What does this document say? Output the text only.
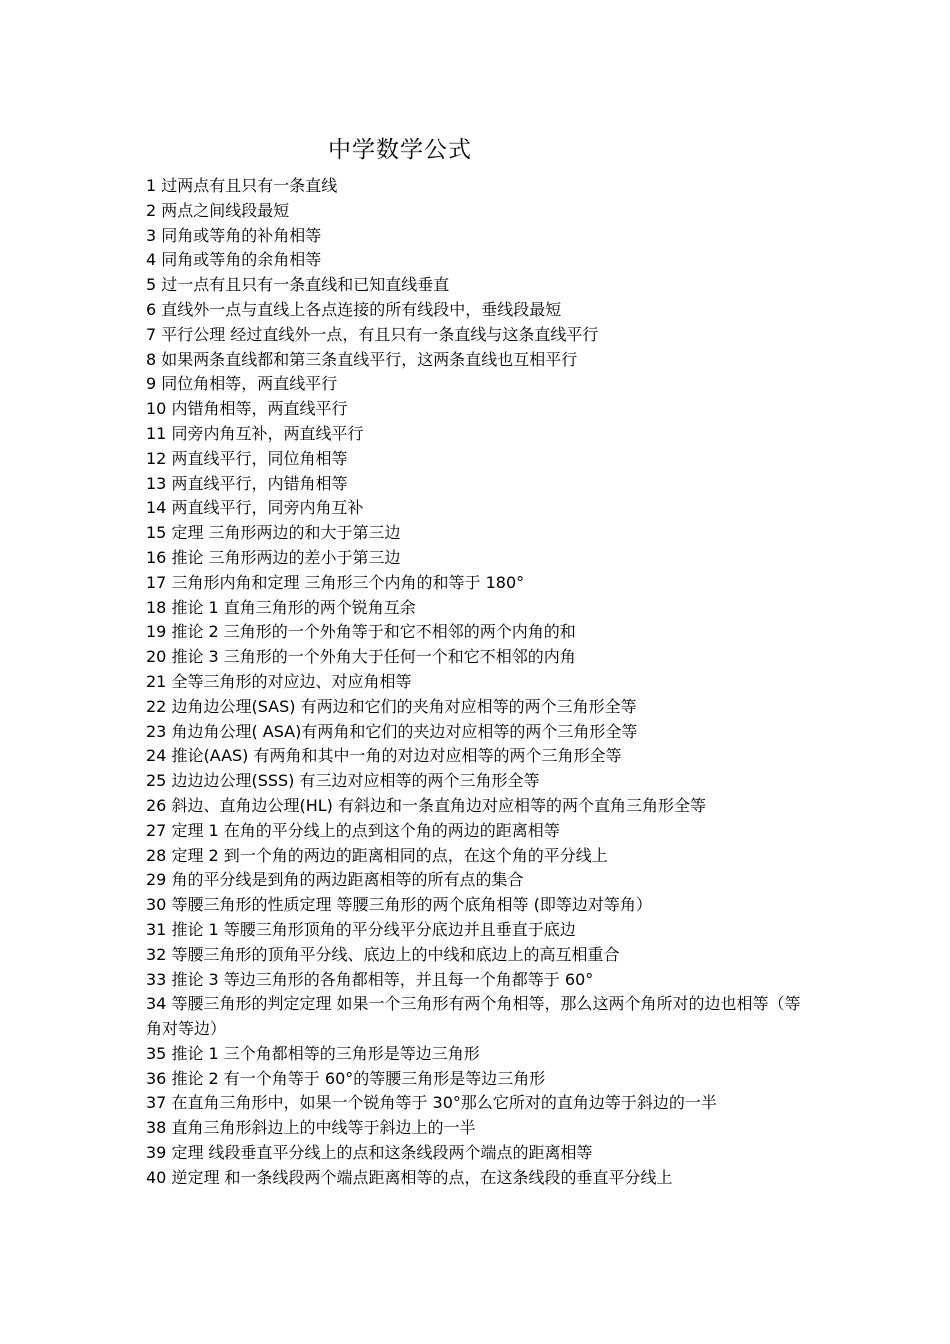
中学数学公式
1 过两点有且只有一条直线
2 两点之间线段最短
3 同角或等角的补角相等
4 同角或等角的余角相等
5 过一点有且只有一条直线和已知直线垂直
6 直线外一点与直线上各点连接的所有线段中，垂线段最短
7 平行公理 经过直线外一点，有且只有一条直线与这条直线平行
8 如果两条直线都和第三条直线平行，这两条直线也互相平行
9 同位角相等，两直线平行
10 内错角相等，两直线平行
11 同旁内角互补，两直线平行
12 两直线平行，同位角相等
13 两直线平行，内错角相等
14 两直线平行，同旁内角互补
15 定理 三角形两边的和大于第三边
16 推论 三角形两边的差小于第三边
17 三角形内角和定理 三角形三个内角的和等于 180°
18 推论 1 直角三角形的两个锐角互余
19 推论 2 三角形的一个外角等于和它不相邻的两个内角的和
20 推论 3 三角形的一个外角大于任何一个和它不相邻的内角
21 全等三角形的对应边、对应角相等
22 边角边公理(SAS) 有两边和它们的夹角对应相等的两个三角形全等
23 角边角公理( ASA)有两角和它们的夹边对应相等的两个三角形全等
24 推论(AAS) 有两角和其中一角的对边对应相等的两个三角形全等
25 边边边公理(SSS) 有三边对应相等的两个三角形全等
26 斜边、直角边公理(HL) 有斜边和一条直角边对应相等的两个直角三角形全等
27 定理 1 在角的平分线上的点到这个角的两边的距离相等
28 定理 2 到一个角的两边的距离相同的点，在这个角的平分线上
29 角的平分线是到角的两边距离相等的所有点的集合
30 等腰三角形的性质定理 等腰三角形的两个底角相等 (即等边对等角）
31 推论 1 等腰三角形顶角的平分线平分底边并且垂直于底边
32 等腰三角形的顶角平分线、底边上的中线和底边上的高互相重合
33 推论 3 等边三角形的各角都相等，并且每一个角都等于 60°
34 等腰三角形的判定定理 如果一个三角形有两个角相等，那么这两个角所对的边也相等（等角对等边）
35 推论 1 三个角都相等的三角形是等边三角形
36 推论 2 有一个角等于 60°的等腰三角形是等边三角形
37 在直角三角形中，如果一个锐角等于 30°那么它所对的直角边等于斜边的一半
38 直角三角形斜边上的中线等于斜边上的一半
39 定理 线段垂直平分线上的点和这条线段两个端点的距离相等
40 逆定理 和一条线段两个端点距离相等的点，在这条线段的垂直平分线上
